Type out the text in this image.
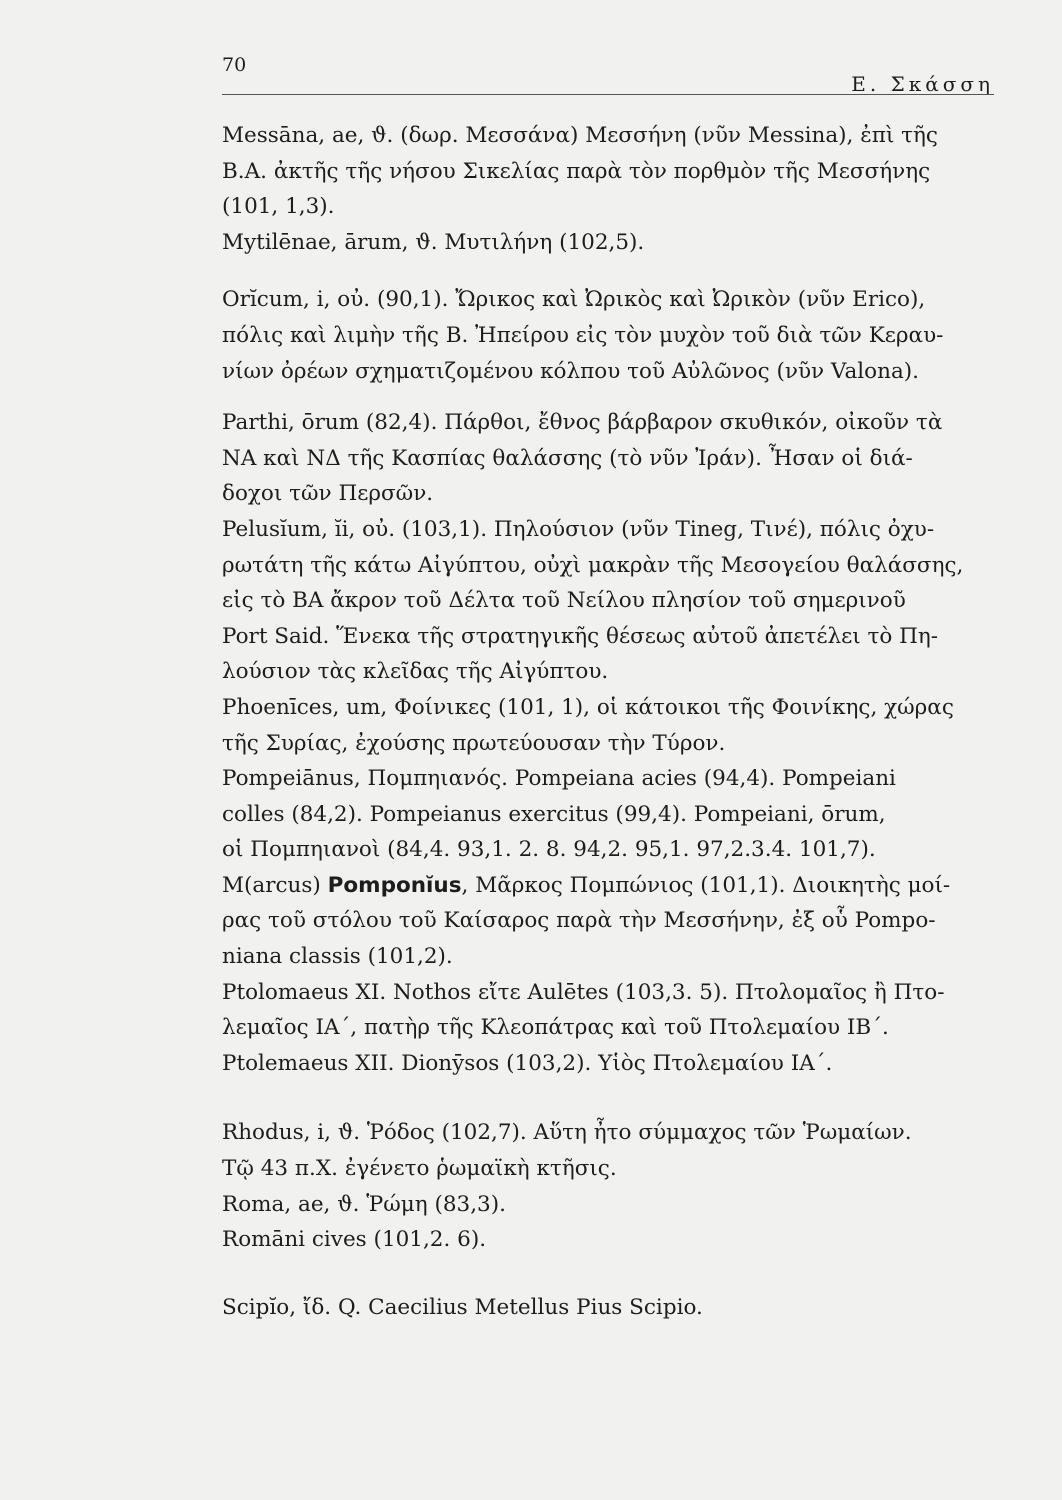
70
Ε. Σκάσση

Messāna, ae, ϑ. (δωρ. Μεσσάνα) Μεσσήνη (νῦν Messina), ἐπὶ τῆς
Β.Α. ἀκτῆς τῆς νήσου Σικελίας παρὰ τὸν πορθμὸν τῆς Μεσσήνης
(101, 1,3).

Mytilēnae, ārum, ϑ. Μυτιλήνη (102,5).

Orĭcum, i, οὐ. (90,1). Ὤρικος καὶ Ὠρικὸς καὶ Ὠρικὸν (νῦν Erico),
πόλις καὶ λιμὴν τῆς Β. Ἠπείρου εἰς τὸν μυχὸν τοῦ διὰ τῶν Κεραυ-
νίων ὀρέων σχηματιζομένου κόλπου τοῦ Αὐλῶνος (νῦν Valona).

Parthi, ōrum (82,4). Πάρθοι, ἔθνος βάρβαρον σκυθικόν, οἰκοῦν τὰ
ΝΑ καὶ ΝΔ τῆς Κασπίας θαλάσσης (τὸ νῦν Ἰράν). Ἦσαν οἱ διά-
δοχοι τῶν Περσῶν.

Pelusĭum, ĭi, οὐ. (103,1). Πηλούσιον (νῦν Tineg, Τινέ), πόλις ὀχυ-
ρωτάτη τῆς κάτω Αἰγύπτου, οὐχὶ μακρὰν τῆς Μεσογείου θαλάσσης,
εἰς τὸ ΒΑ ἄκρον τοῦ Δέλτα τοῦ Νείλου πλησίον τοῦ σημερινοῦ
Port Said. Ἕνεκα τῆς στρατηγικῆς θέσεως αὐτοῦ ἀπετέλει τὸ Πη-
λούσιον τὰς κλεῖδας τῆς Αἰγύπτου.

Phoenīces, um, Φοίνικες (101, 1), οἱ κάτοικοι τῆς Φοινίκης, χώρας
τῆς Συρίας, ἐχούσης πρωτεύουσαν τὴν Τύρον.

Pompeiānus, Πομπηιανός. Pompeiana acies (94,4). Pompeiani
colles (84,2). Pompeianus exercitus (99,4). Pompeiani, ōrum,
οἱ Πομπηιανοὶ (84,4. 93,1. 2. 8. 94,2. 95,1. 97,2.3.4. 101,7).

M(arcus) Pomponĭus, Μᾶρκος Πομπώνιος (101,1). Διοικητὴς μοί-
ρας τοῦ στόλου τοῦ Καίσαρος παρὰ τὴν Μεσσήνην, ἐξ οὗ Pompo-
niana classis (101,2).

Ptolomaeus XI. Nothos εἴτε Aulētes (103,3. 5). Πτολομαῖος ἢ Πτο-
λεμαῖος ΙΑ΄, πατὴρ τῆς Κλεοπάτρας καὶ τοῦ Πτολεμαίου ΙΒ΄.

Ptolemaeus XII. Dionȳsos (103,2). Υἱὸς Πτολεμαίου ΙΑ΄.

Rhodus, i, ϑ. Ῥόδος (102,7). Αὕτη ἦτο σύμμαχος τῶν Ῥωμαίων.
Τῷ 43 π.Χ. ἐγένετο ῥωμαϊκὴ κτῆσις.

Roma, ae, ϑ. Ῥώμη (83,3).

Romāni cives (101,2. 6).

Scipĭo, ἴδ. Q. Caecilius Metellus Pius Scipio.
